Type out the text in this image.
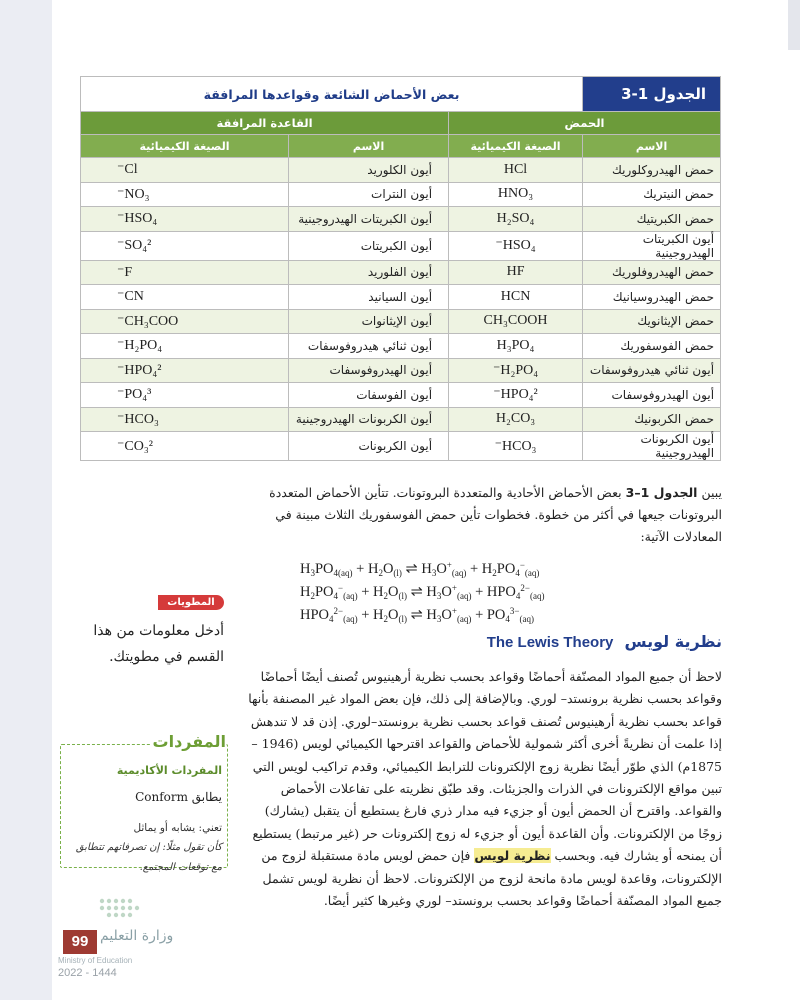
الجدول 1-3	بعض الأحماض الشائعة وقواعدها المرافقة		
الحمض		القاعدة المرافقة	
الاسم	الصيغة الكيميائية	الاسم	الصيغة الكيميائية
حمض الهيدروكلوريك	HCl	أيون الكلوريد	Cl⁻
حمض النيتريك	HNO₃	أيون النترات	NO₃⁻
حمض الكبريتيك	H₂SO₄	أيون الكبريتات الهيدروجينية	HSO₄⁻
أيون الكبريتات الهيدروجينية	HSO₄⁻	أيون الكبريتات	SO₄²⁻
حمض الهيدروفلوريك	HF	أيون الفلوريد	F⁻
حمض الهيدروسيانيك	HCN	أيون السيانيد	CN⁻
حمض الإيثانويك	CH₃COOH	أيون الإيثانوات	CH₃COO⁻
حمض الفوسفوريك	H₃PO₄	أيون ثنائي هيدروفوسفات	H₂PO₄⁻
أيون ثنائي هيدروفوسفات	H₂PO₄⁻	أيون الهيدروفوسفات	HPO₄²⁻
أيون الهيدروفوسفات	HPO₄²⁻	أيون الفوسفات	PO₄³⁻
حمض الكربونيك	H₂CO₃	أيون الكربونات الهيدروجينية	HCO₃⁻
أيون الكربونات الهيدروجينية	HCO₃⁻	أيون الكربونات	CO₃²⁻
يبين الجدول 1–3 بعض الأحماض الأحادية والمتعددة البروتونات. تتأين الأحماض المتعددة البروتونات جيعها في أكثر من خطوة. فخطوات تأين حمض الفوسفوريك الثلاث مبينة في المعادلات الآتية:
$H_3PO_{4(aq)} + H_2O_{(l)}$ ⇌ $H_3O^+_{(aq)} + H_2PO_4^-_{(aq)}$
$H_2PO_4^-_{(aq)} + H_2O_{(l)}$ ⇌ $H_3O^+_{(aq)} + HPO_4^{2-}_{(aq)}$
$HPO_4^{2-}_{(aq)} + H_2O_{(l)}$ ⇌ $H_3O^+_{(aq)} + PO_4^{3-}_{(aq)}$
The Lewis Theory نظرية لويس
لاحظ أن جميع المواد المصنّفة أحماضًا وقواعد بحسب نظرية أرهينيوس تُصنف أيضًا أحماضًا وقواعد بحسب نظرية برونستد– لوري. وبالإضافة إلى ذلك، فإن بعض المواد غير المصنفة بأنها قواعد بحسب نظرية أرهينيوس تُصنف قواعد بحسب نظرية برونستد–لوري. إذن قد لا تندهش إذا علمت أن نظريةً أخرى أكثر شمولية للأحماض والقواعد اقترحها الكيميائي لويس (1946 – 1875م) الذي طوّر أيضًا نظرية زوج الإلكترونات للترابط الكيميائي، وقدم تراكيب لويس التي تبين مواقع الإلكترونات في الذرات والجزيئات. وقد طبّق نظريته على تفاعلات الأحماض والقواعد. واقترح أن الحمض أيون أو جزيء فيه مدار ذري فارغ يستطيع أن يتقبل (يشارك) زوجًا من الإلكترونات. وأن القاعدة أيون أو جزيء له زوج إلكترونات حر (غير مرتبط) يستطيع أن يمنحه أو يشارك فيه. وبحسب نظرية لويس فإن حمض لويس مادة مستقبلة لزوج من الإلكترونات، وقاعدة لويس مادة مانحة لزوج من الإلكترونات. لاحظ أن نظرية لويس تشمل جميع المواد المصنّفة أحماضًا وقواعد بحسب برونستد– لوري وغيرها كثير أيضًا.
المطويات
أدخل معلومات من هذا القسم في مطويتك.
المفردات
المفردات الأكاديمية
يطابق Conform
تعني: يشابه أو يماثل
كأن تقول مثلًا: إن تصرفاتهم تتطابق مع توقعات المجتمع.
99 وزارة التعليم
Ministry of Education
2022 - 1444
